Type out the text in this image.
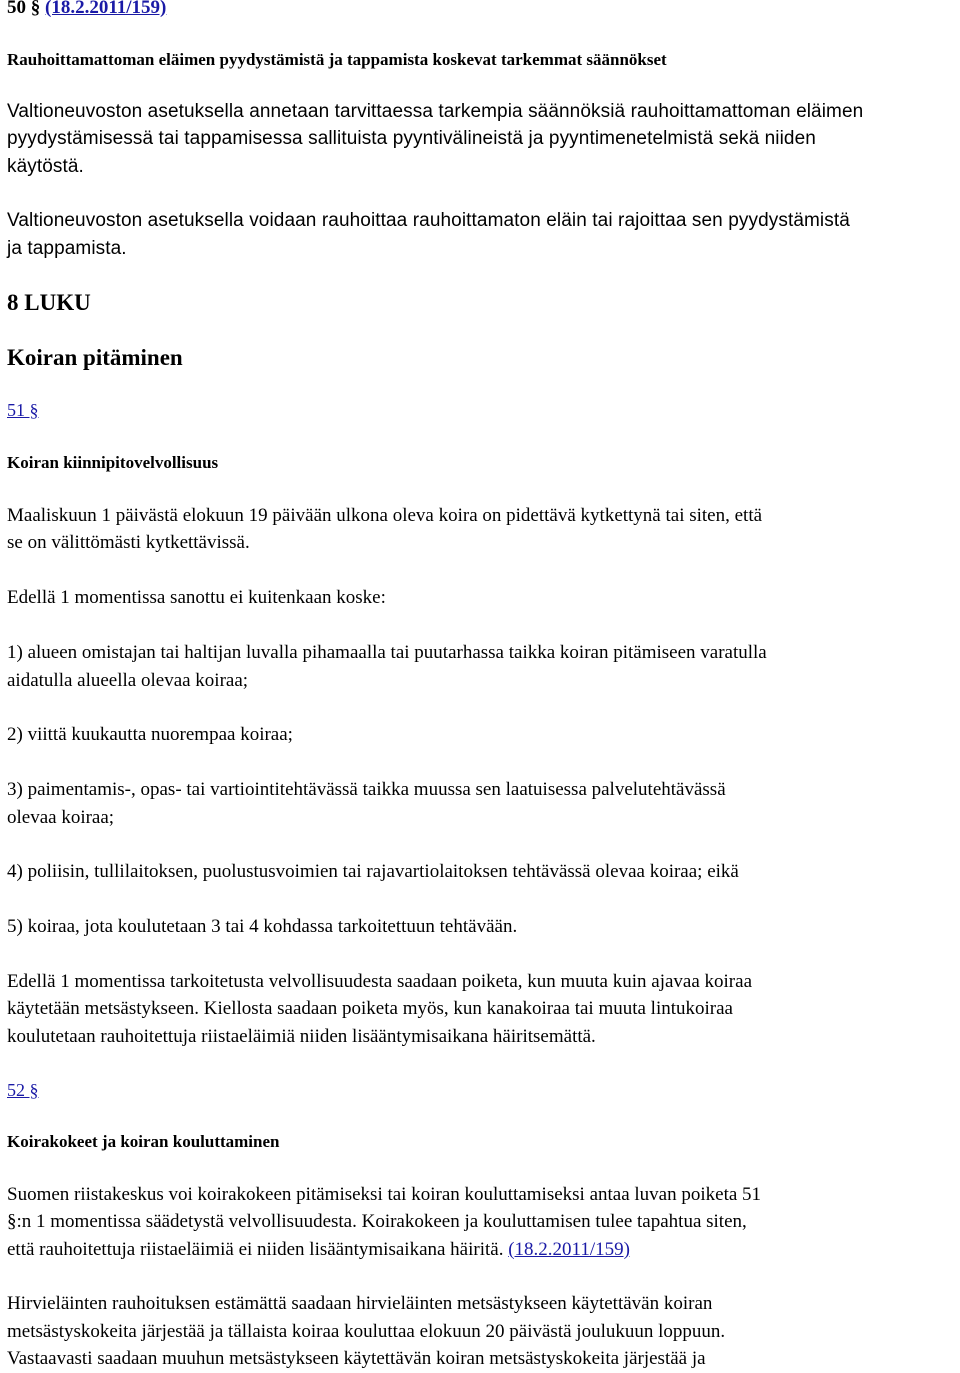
50 § (18.2.2011/159)
Rauhoittamattoman eläimen pyydystämistä ja tappamista koskevat tarkemmat säännökset
Valtioneuvoston asetuksella annetaan tarvittaessa tarkempia säännöksiä rauhoittamattoman eläimen
pyydystämisessä tai tappamisessa sallituista pyyntivälineistä ja pyyntimenetelmistä sekä niiden
käytöstä.
Valtioneuvoston asetuksella voidaan rauhoittaa rauhoittamaton eläin tai rajoittaa sen pyydystämistä
ja tappamista.
8 LUKU
Koiran pitäminen
51 §
Koiran kiinnipitovelvollisuus
Maaliskuun 1 päivästä elokuun 19 päivään ulkona oleva koira on pidettävä kytkettynä tai siten, että
se on välittömästi kytkettävissä.
Edellä 1 momentissa sanottu ei kuitenkaan koske:
1) alueen omistajan tai haltijan luvalla pihamaalla tai puutarhassa taikka koiran pitämiseen varatulla
aidatulla alueella olevaa koiraa;
2) viittä kuukautta nuorempaa koiraa;
3) paimentamis-, opas- tai vartiointitehtävässä taikka muussa sen laatuisessa palvelutehtävässä
olevaa koiraa;
4) poliisin, tullilaitoksen, puolustusvoimien tai rajavartiolaitoksen tehtävässä olevaa koiraa; eikä
5) koiraa, jota koulutetaan 3 tai 4 kohdassa tarkoitettuun tehtävään.
Edellä 1 momentissa tarkoitetusta velvollisuudesta saadaan poiketa, kun muuta kuin ajavaa koiraa
käytetään metsästykseen. Kiellosta saadaan poiketa myös, kun kanakoiraa tai muuta lintukoiraa
koulutetaan rauhoitettuja riistaeläimiä niiden lisääntymisaikana häiritsemättä.
52 §
Koirakokeet ja koiran kouluttaminen
Suomen riistakeskus voi koirakokeen pitämiseksi tai koiran kouluttamiseksi antaa luvan poiketa 51
§:n 1 momentissa säädetystä velvollisuudesta. Koirakokeen ja kouluttamisen tulee tapahtua siten,
että rauhoitettuja riistaeläimiä ei niiden lisääntymisaikana häiritä. (18.2.2011/159)
Hirvieläinten rauhoituksen estämättä saadaan hirvieläinten metsästykseen käytettävän koiran
metsästyskokeita järjestää ja tällaista koiraa kouluttaa elokuun 20 päivästä joulukuun loppuun.
Vastaavasti saadaan muuhun metsästykseen käytettävän koiran metsästyskokeita järjestää ja
